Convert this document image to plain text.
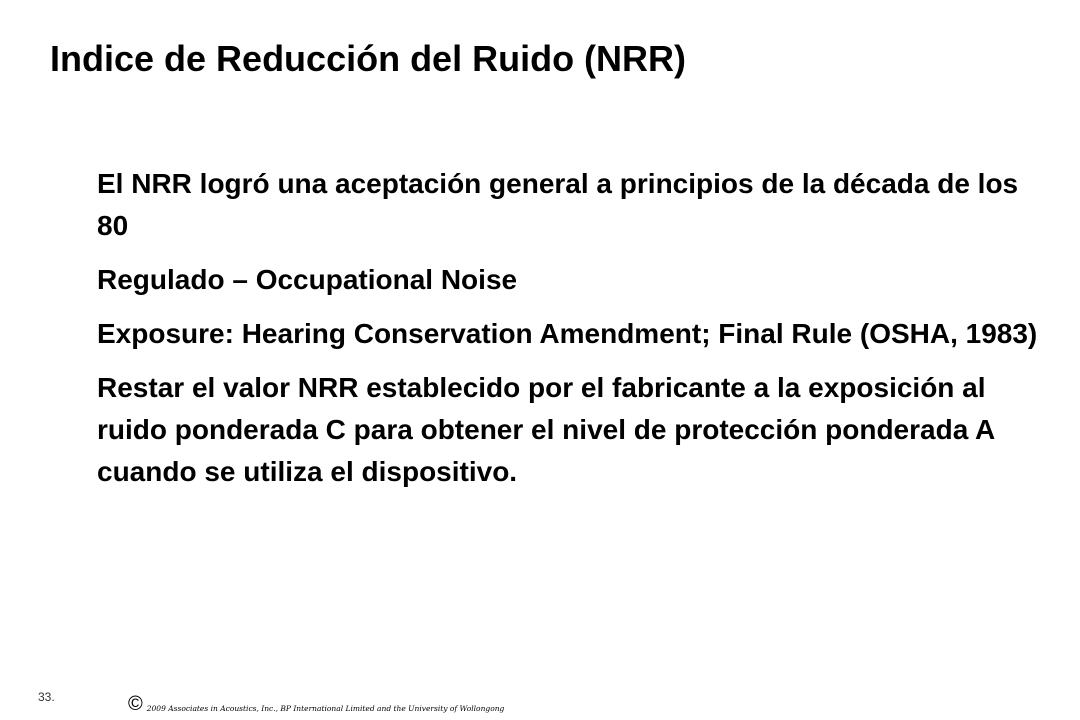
Indice de Reducción del Ruido (NRR)
El NRR logró una aceptación general a principios de la década de los 80
Regulado – Occupational Noise
Exposure: Hearing Conservation Amendment; Final Rule (OSHA, 1983)
Restar el valor NRR establecido por el fabricante a la exposición al ruido ponderada C para obtener el nivel de protección ponderada A cuando se utiliza el dispositivo.
33.	© 2009 Associates in Acoustics, Inc., BP International Limited and the University of Wollongong
